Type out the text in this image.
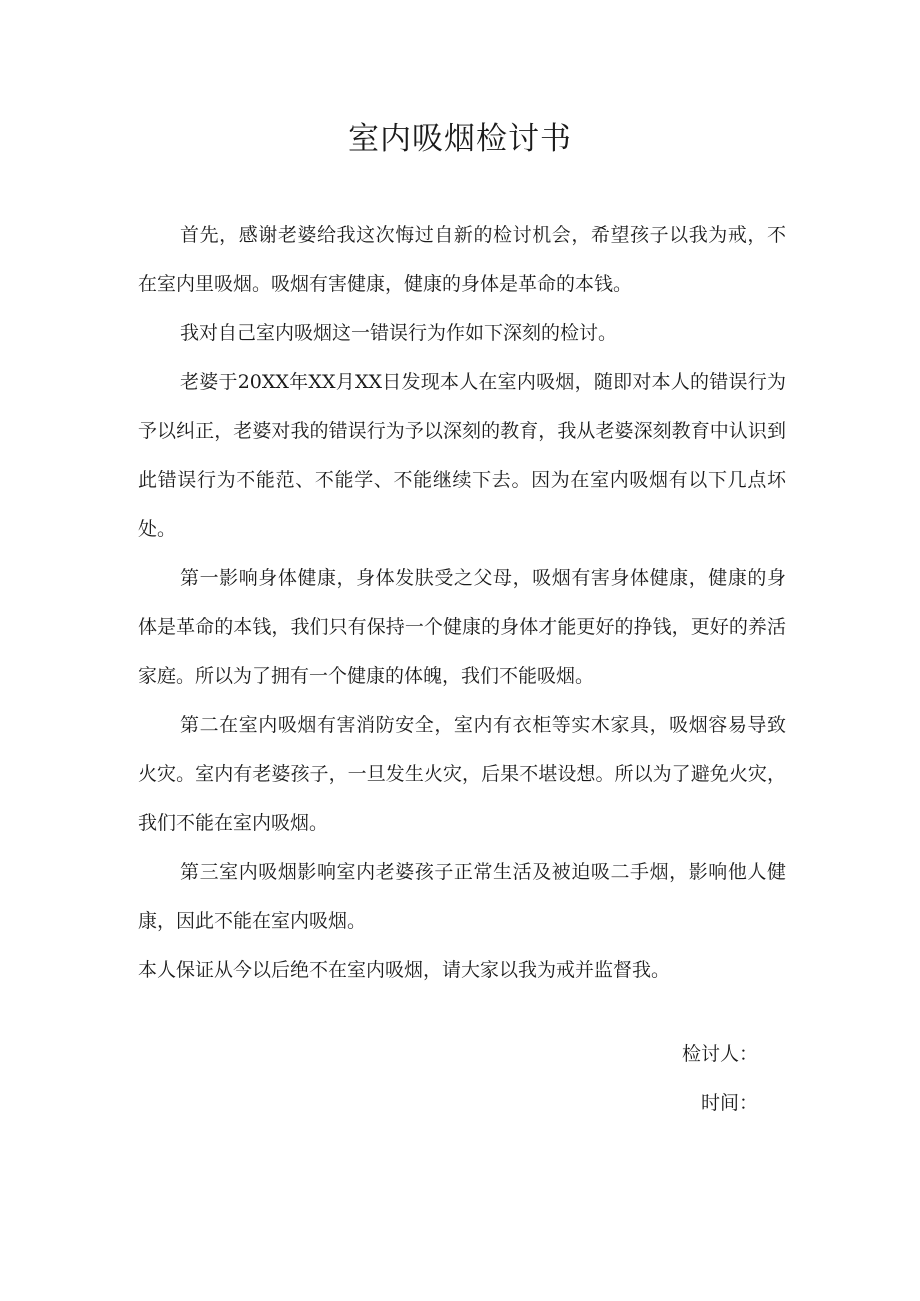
室内吸烟检讨书

首先，感谢老婆给我这次悔过自新的检讨机会，希望孩子以我为戒，不在室内里吸烟。吸烟有害健康，健康的身体是革命的本钱。

我对自己室内吸烟这一错误行为作如下深刻的检讨。

老婆于20XX年XX月XX日发现本人在室内吸烟，随即对本人的错误行为予以纠正，老婆对我的错误行为予以深刻的教育，我从老婆深刻教育中认识到此错误行为不能范、不能学、不能继续下去。因为在室内吸烟有以下几点坏处。

第一影响身体健康，身体发肤受之父母，吸烟有害身体健康，健康的身体是革命的本钱，我们只有保持一个健康的身体才能更好的挣钱，更好的养活家庭。所以为了拥有一个健康的体魄，我们不能吸烟。

第二在室内吸烟有害消防安全，室内有衣柜等实木家具，吸烟容易导致火灾。室内有老婆孩子，一旦发生火灾，后果不堪设想。所以为了避免火灾，我们不能在室内吸烟。

第三室内吸烟影响室内老婆孩子正常生活及被迫吸二手烟，影响他人健康，因此不能在室内吸烟。

本人保证从今以后绝不在室内吸烟，请大家以我为戒并监督我。

检讨人：

时间：
